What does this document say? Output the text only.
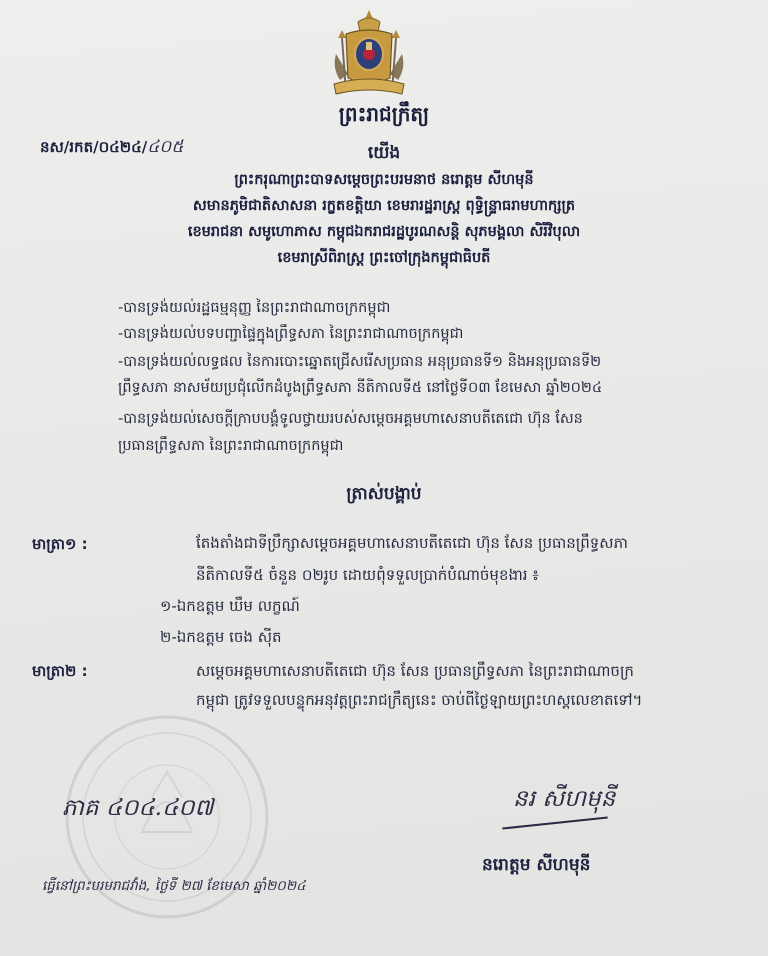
ព្រះរាជក្រឹត្យ
នស/រកត/០៤២៤/៤០៥	យើង
ព្រះករុណាព្រះបាទសម្តេចព្រះបរមនាថ នរោត្តម សីហមុនី
សមានភូមិជាតិសាសនា រក្ខតខត្តិយា ខេមរារដ្ឋរាស្ត្រ ពុទ្ធិន្ទ្រាធរាមហាក្សត្រ
ខេមរាជនា សមូហោភាស កម្ពុជឯករាជរដ្ឋបូរណសន្តិ សុភមង្គលា សិរីវិបុលា
ខេមរាស្រីពិរាស្ត្រ ព្រះចៅក្រុងកម្ពុជាធិបតី
-បានទ្រង់យល់រដ្ឋធម្មនុញ្ញ នៃព្រះរាជាណាចក្រកម្ពុជា
-បានទ្រង់យល់បទបញ្ជាផ្ទៃក្នុងព្រឹទ្ធសភា នៃព្រះរាជាណាចក្រកម្ពុជា
-បានទ្រង់យល់លទ្ធផល នៃការបោះឆ្នោតជ្រើសរើសប្រធាន អនុប្រធានទី១ និងអនុប្រធានទី២
ព្រឹទ្ធសភា នាសម័យប្រជុំលើកដំបូងព្រឹទ្ធសភា នីតិកាលទី៥ នៅថ្ងៃទី០៣ ខែមេសា ឆ្នាំ២០២៤
-បានទ្រង់យល់សេចក្តីក្រាបបង្គំទូលថ្វាយរបស់សម្តេចអគ្គមហាសេនាបតីតេជោ ហ៊ុន សែន
ប្រធានព្រឹទ្ធសភា នៃព្រះរាជាណាចក្រកម្ពុជា
ត្រាស់បង្គាប់
មាត្រា១ :	តែងតាំងជាទីប្រឹក្សាសម្តេចអគ្គមហាសេនាបតីតេជោ ហ៊ុន សែន ប្រធានព្រឹទ្ធសភា
នីតិកាលទី៥ ចំនួន ០២រូប ដោយពុំទទួលប្រាក់បំណាច់មុខងារ ៖
១-ឯកឧត្តម ឃឹម លក្ខណ៍
២-ឯកឧត្តម ចេង ស៊ីត
មាត្រា២ :	សម្តេចអគ្គមហាសេនាបតីតេជោ ហ៊ុន សែន ប្រធានព្រឹទ្ធសភា នៃព្រះរាជាណាចក្រ
កម្ពុជា ត្រូវទទួលបន្ទុកអនុវត្តព្រះរាជក្រឹត្យនេះ ចាប់ពីថ្ងៃឡាយព្រះហស្តលេខាតទៅ។
ភាគ ៤០៤.៤០៧	នរ សីហមុនី
នរោត្តម សីហមុនី
ធ្វើនៅព្រះបរមរាជវាំង, ថ្ងៃទី ២៧ ខែមេសា ឆ្នាំ២០២៤
